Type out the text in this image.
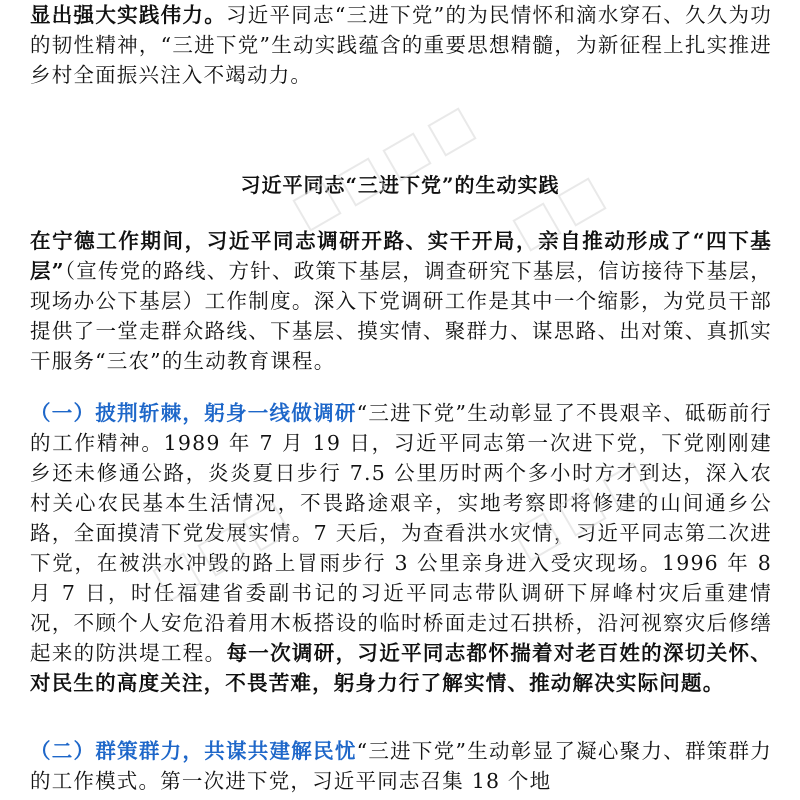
显出强大实践伟力。习近平同志“三进下党”的为民情怀和滴水穿石、久久为功的韧性精神，“三进下党”生动实践蕴含的重要思想精髓，为新征程上扎实推进乡村全面振兴注入不竭动力。

习近平同志“三进下党”的生动实践

在宁德工作期间，习近平同志调研开路、实干开局，亲自推动形成了“四下基层”（宣传党的路线、方针、政策下基层，调查研究下基层，信访接待下基层，现场办公下基层）工作制度。深入下党调研工作是其中一个缩影，为党员干部提供了一堂走群众路线、下基层、摸实情、聚群力、谋思路、出对策、真抓实干服务“三农”的生动教育课程。

（一）披荆斩棘，躬身一线做调研“三进下党”生动彰显了不畏艰辛、砥砺前行的工作精神。1989 年 7 月 19 日，习近平同志第一次进下党，下党刚刚建乡还未修通公路，炎炎夏日步行 7.5 公里历时两个多小时方才到达，深入农村关心农民基本生活情况，不畏路途艰辛，实地考察即将修建的山间通乡公路，全面摸清下党发展实情。7 天后，为查看洪水灾情，习近平同志第二次进下党，在被洪水冲毁的路上冒雨步行 3 公里亲身进入受灾现场。1996 年 8 月 7 日，时任福建省委副书记的习近平同志带队调研下屏峰村灾后重建情况，不顾个人安危沿着用木板搭设的临时桥面走过石拱桥，沿河视察灾后修缮起来的防洪堤工程。每一次调研，习近平同志都怀揣着对老百姓的深切关怀、对民生的高度关注，不畏苦难，躬身力行了解实情、推动解决实际问题。

（二）群策群力，共谋共建解民忧“三进下党”生动彰显了凝心聚力、群策群力的工作模式。第一次进下党，习近平同志召集 18 个地
